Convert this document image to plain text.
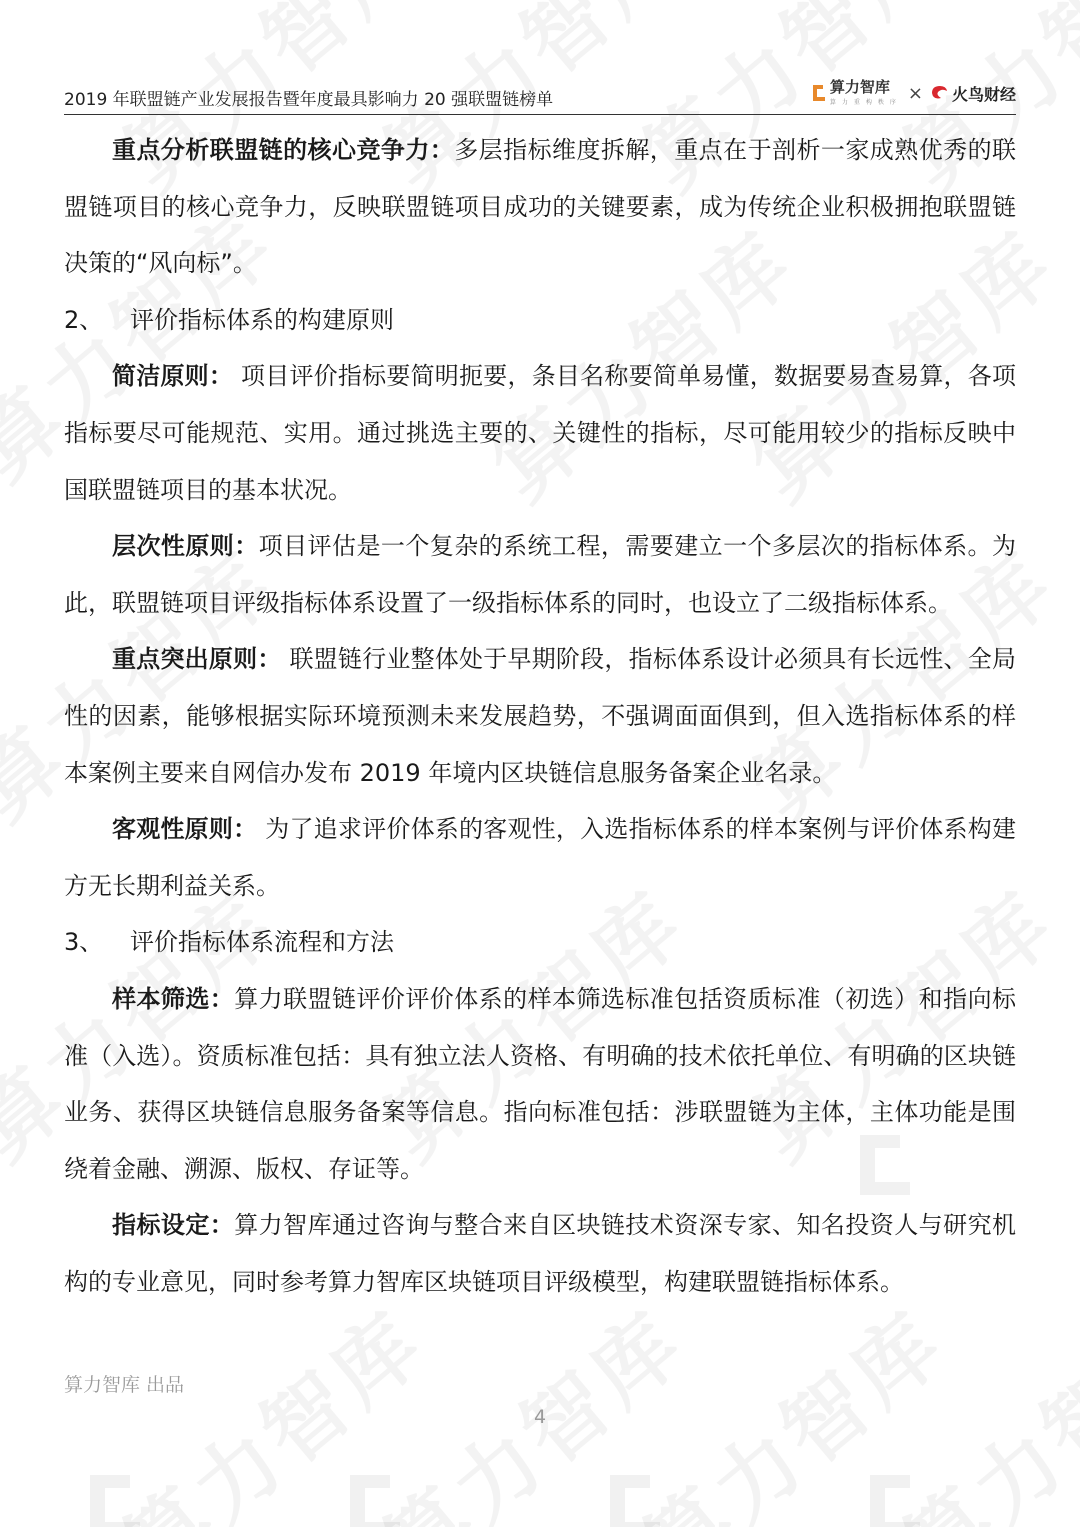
2019 年联盟链产业发展报告暨年度最具影响力 20 强联盟链榜单
算力智库
算力重构秩序 × 火鸟财经

重点分析联盟链的核心竞争力：多层指标维度拆解，重点在于剖析一家成熟优秀的联盟链项目的核心竞争力，反映联盟链项目成功的关键要素，成为传统企业积极拥抱联盟链决策的“风向标”。

2、 评价指标体系的构建原则

简洁原则： 项目评价指标要简明扼要，条目名称要简单易懂，数据要易查易算，各项指标要尽可能规范、实用。通过挑选主要的、关键性的指标，尽可能用较少的指标反映中国联盟链项目的基本状况。

层次性原则：项目评估是一个复杂的系统工程，需要建立一个多层次的指标体系。为此，联盟链项目评级指标体系设置了一级指标体系的同时，也设立了二级指标体系。

重点突出原则： 联盟链行业整体处于早期阶段，指标体系设计必须具有长远性、全局性的因素，能够根据实际环境预测未来发展趋势，不强调面面俱到，但入选指标体系的样本案例主要来自网信办发布 2019 年境内区块链信息服务备案企业名录。

客观性原则： 为了追求评价体系的客观性，入选指标体系的样本案例与评价体系构建方无长期利益关系。

3、 评价指标体系流程和方法

样本筛选：算力联盟链评价评价体系的样本筛选标准包括资质标准（初选）和指向标准（入选）。资质标准包括：具有独立法人资格、有明确的技术依托单位、有明确的区块链业务、获得区块链信息服务备案等信息。指向标准包括：涉联盟链为主体，主体功能是围绕着金融、溯源、版权、存证等。

指标设定：算力智库通过咨询与整合来自区块链技术资深专家、知名投资人与研究机构的专业意见，同时参考算力智库区块链项目评级模型，构建联盟链指标体系。

算力智库 出品
4
